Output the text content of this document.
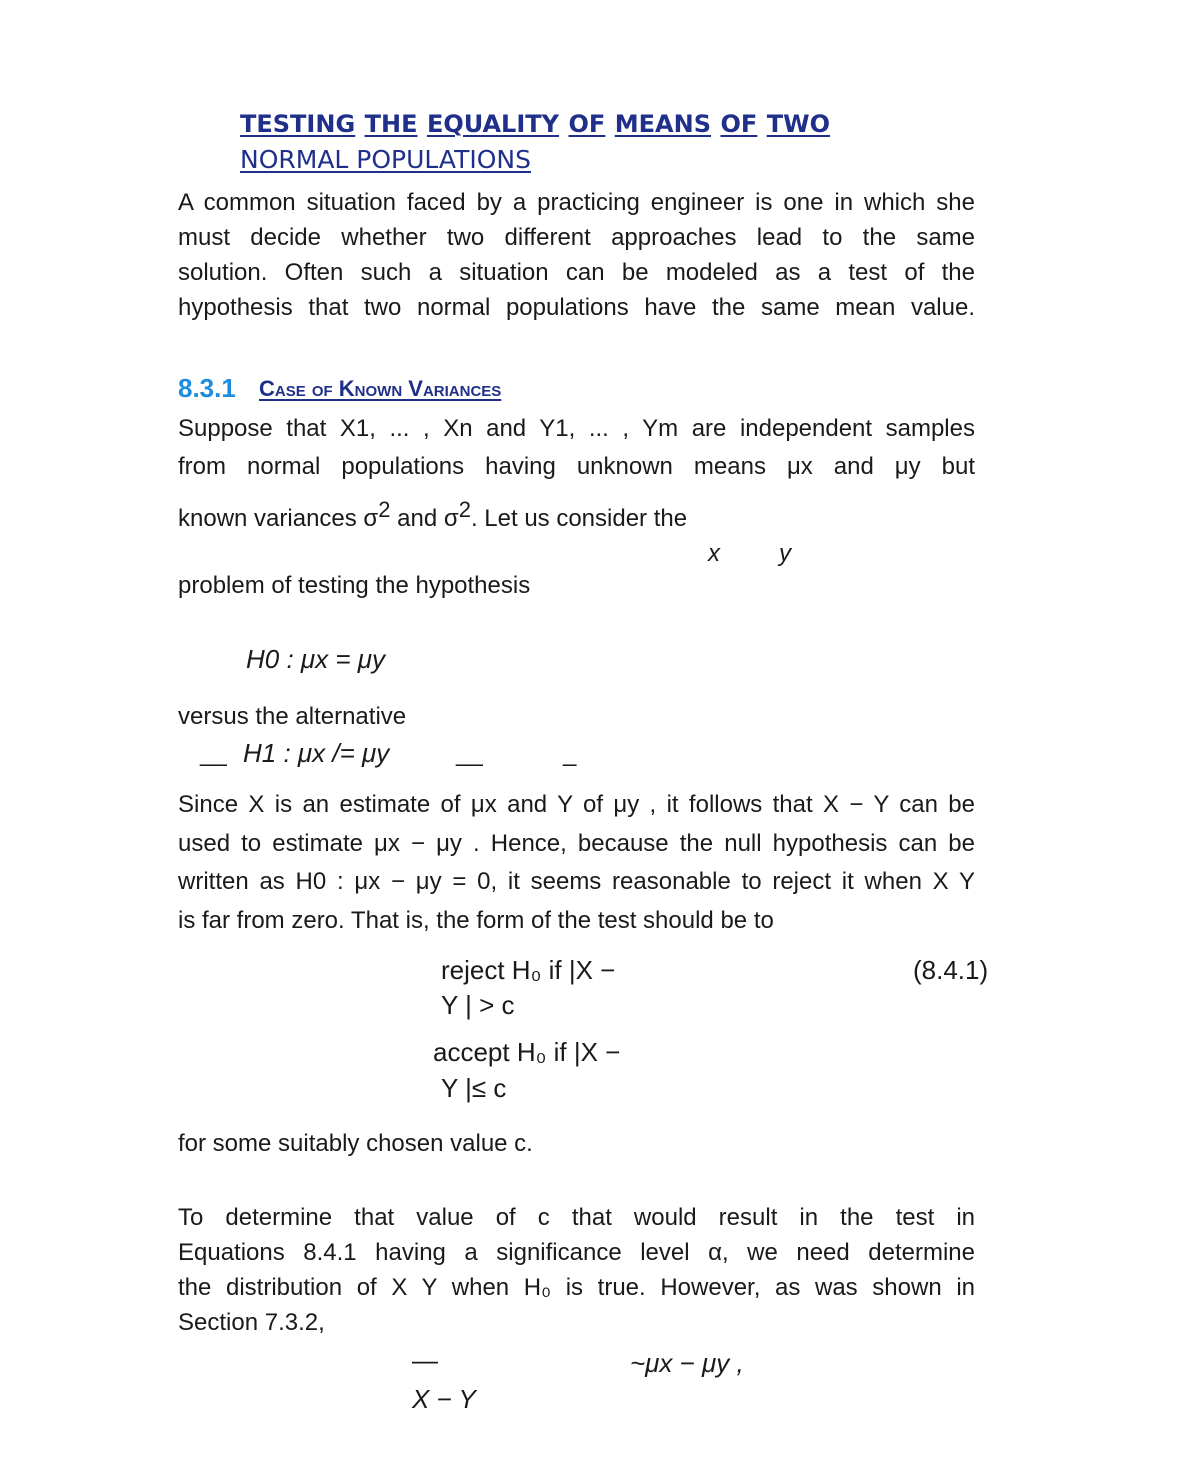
TESTING THE EQUALITY OF MEANS OF TWO
NORMAL POPULATIONS
A common situation faced by a practicing engineer is one in which she
must decide whether two different approaches lead to the same
solution. Often such a situation can be modeled as a test of the
hypothesis that two normal populations have the same mean value.
8.3.1 Case of Known Variances
Suppose that X1, ... , Xn and Y1, ... , Ym are independent samples
from normal populations having unknown means μx and μy but
known variances $\sigma^2$ and $\sigma^2$. Let us consider the
x y
problem of testing the hypothesis
H0 : μx = μy
versus the alternative
__ H1 : μx /= μy	__	_
Since X is an estimate of μx and Y of μy , it follows that X − Y can be
used to estimate μx − μy . Hence, because the null hypothesis can be
written as H0 : μx − μy = 0, it seems reasonable to reject it when X Y
is far from zero. That is, the form of the test should be to
reject H₀ if |X −
Y | > c
(8.4.1)
accept H₀ if |X −
Y |≤ c
for some suitably chosen value c.
To determine that value of c that would result in the test in
Equations 8.4.1 having a significance level α, we need determine
the distribution of X Y when H₀ is true. However, as was shown in
Section 7.3.2,
—	~μx − μy ,
X − Y
